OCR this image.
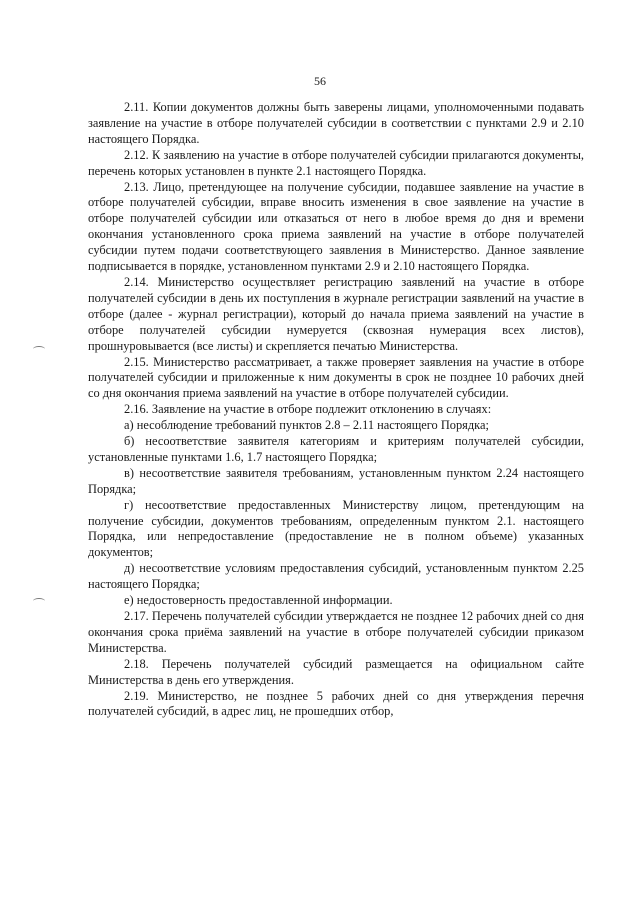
56

2.11. Копии документов должны быть заверены лицами, уполномоченными подавать заявление на участие в отборе получателей субсидии в соответствии с пунктами 2.9 и 2.10 настоящего Порядка.

2.12. К заявлению на участие в отборе получателей субсидии прилагаются документы, перечень которых установлен в пункте 2.1 настоящего Порядка.

2.13. Лицо, претендующее на получение субсидии, подавшее заявление на участие в отборе получателей субсидии, вправе вносить изменения в свое заявление на участие в отборе получателей субсидии или отказаться от него в любое время до дня и времени окончания установленного срока приема заявлений на участие в отборе получателей субсидии путем подачи соответствующего заявления в Министерство. Данное заявление подписывается в порядке, установленном пунктами 2.9 и 2.10 настоящего Порядка.

2.14. Министерство осуществляет регистрацию заявлений на участие в отборе получателей субсидии в день их поступления в журнале регистрации заявлений на участие в отборе (далее - журнал регистрации), который до начала приема заявлений на участие в отборе получателей субсидии нумеруется (сквозная нумерация всех листов), прошнуровывается (все листы) и скрепляется печатью Министерства.

2.15. Министерство рассматривает, а также проверяет заявления на участие в отборе получателей субсидии и приложенные к ним документы в срок не позднее 10 рабочих дней со дня окончания приема заявлений на участие в отборе получателей субсидии.

2.16. Заявление на участие в отборе подлежит отклонению в случаях:

а) несоблюдение требований пунктов 2.8 – 2.11 настоящего Порядка;

б) несоответствие заявителя категориям и критериям получателей субсидии, установленные пунктами 1.6, 1.7 настоящего Порядка;

в) несоответствие заявителя требованиям, установленным пунктом 2.24 настоящего Порядка;

г) несоответствие предоставленных Министерству лицом, претендующим на получение субсидии, документов требованиям, определенным пунктом 2.1. настоящего Порядка, или непредоставление (предоставление не в полном объеме) указанных документов;

д) несоответствие условиям предоставления субсидий, установленным пунктом 2.25 настоящего Порядка;

е) недостоверность предоставленной информации.

2.17. Перечень получателей субсидии утверждается не позднее 12 рабочих дней со дня окончания срока приёма заявлений на участие в отборе получателей субсидии приказом Министерства.

2.18. Перечень получателей субсидий размещается на официальном сайте Министерства в день его утверждения.

2.19. Министерство, не позднее 5 рабочих дней со дня утверждения перечня получателей субсидий, в адрес лиц, не прошедших отбор,
